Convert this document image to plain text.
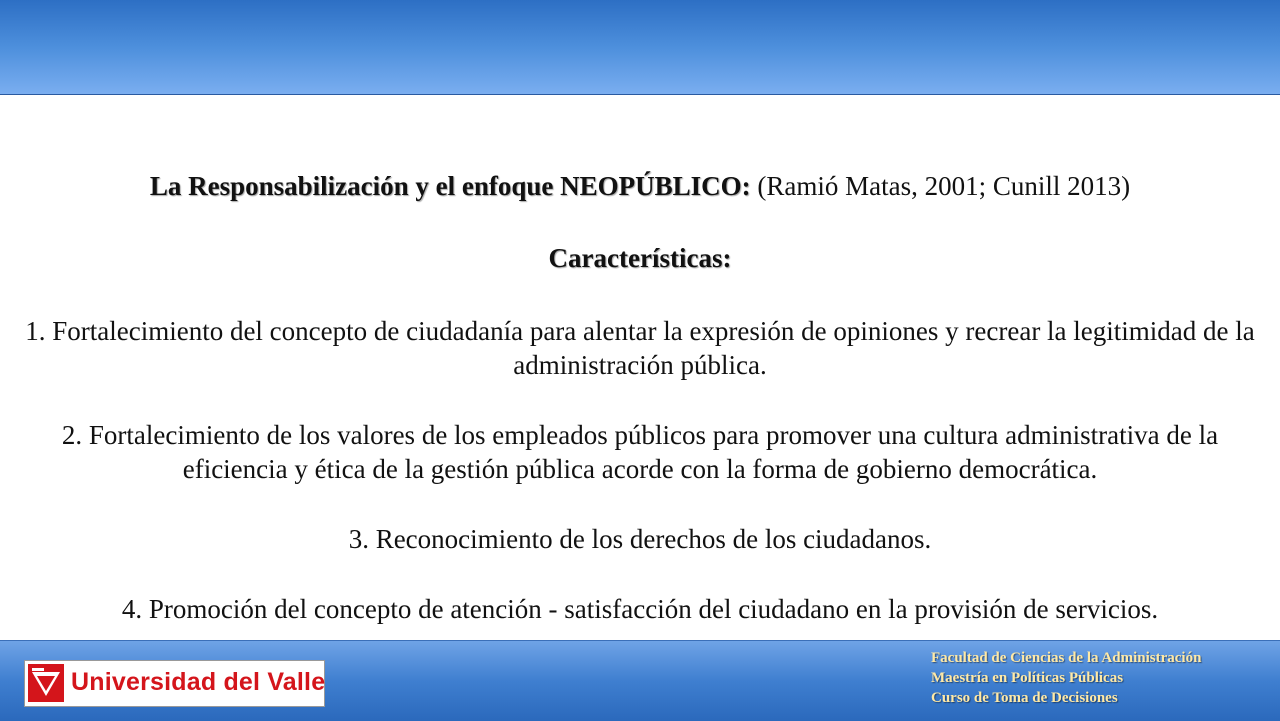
La Responsabilización y el enfoque NEOPÚBLICO: (Ramió Matas, 2001; Cunill 2013)
Características:
1. Fortalecimiento del concepto de ciudadanía para alentar la expresión de opiniones y recrear la legitimidad de la administración pública.
2. Fortalecimiento de los valores de los empleados públicos para promover una cultura administrativa de la eficiencia y ética de la gestión pública acorde con la forma de gobierno democrática.
3. Reconocimiento de los derechos de los ciudadanos.
4. Promoción del concepto de atención - satisfacción del ciudadano en la provisión de servicios.
Universidad del Valle
Facultad de Ciencias de la Administración
Maestría en Políticas Públicas
Curso de Toma de Decisiones
